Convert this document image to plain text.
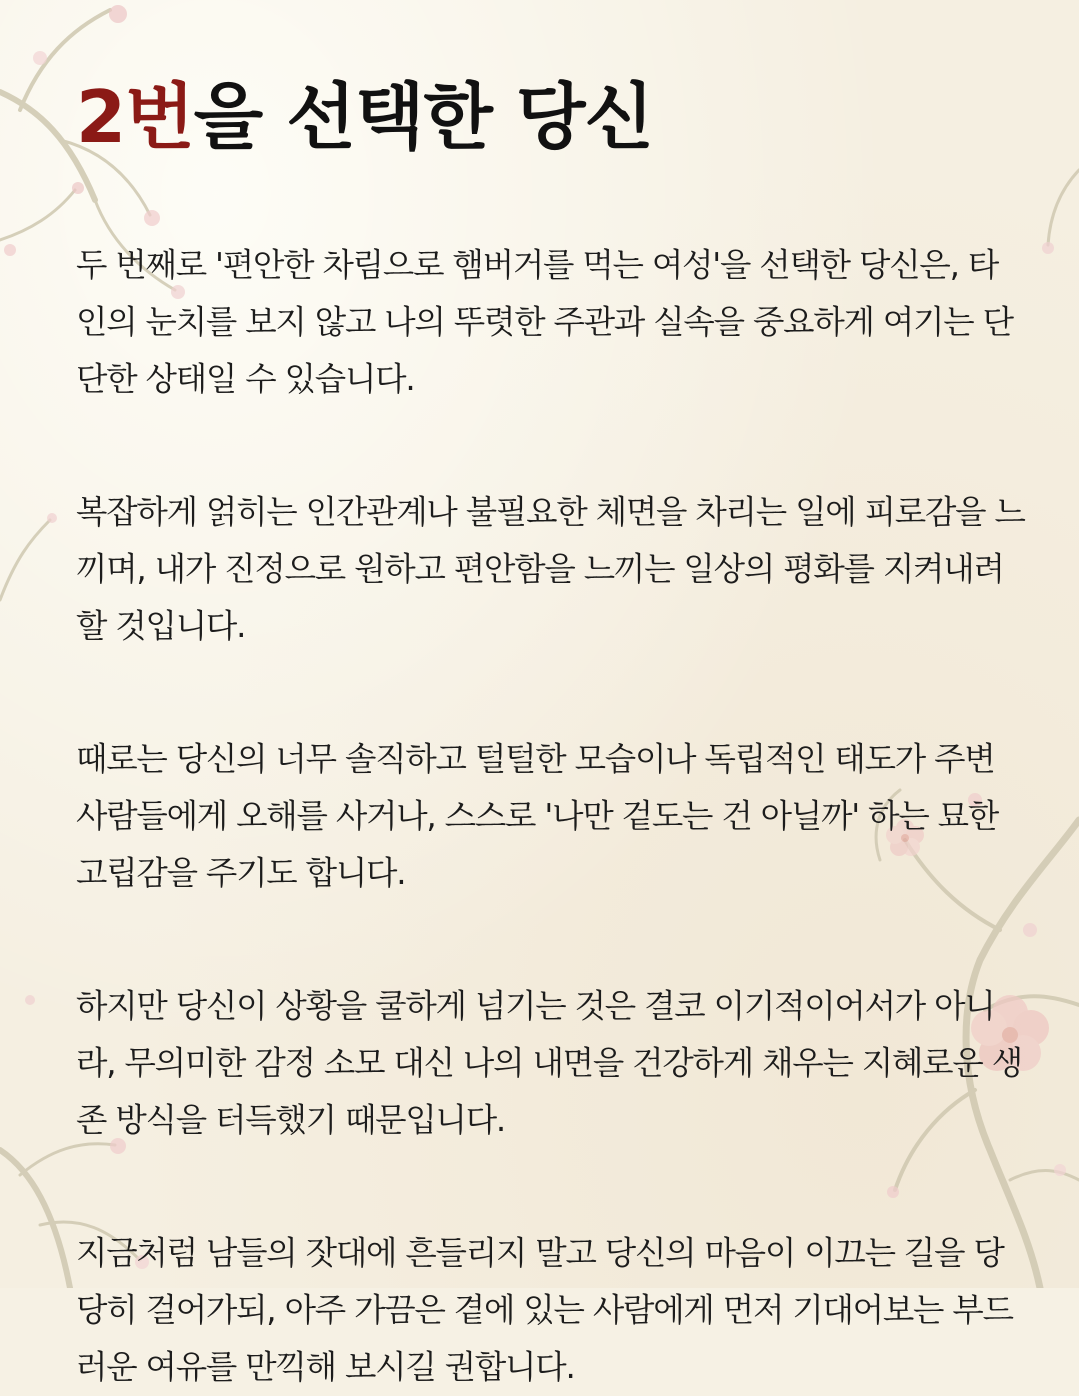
2번을 선택한 당신

두 번째로 '편안한 차림으로 햄버거를 먹는 여성'을 선택한 당신은, 타인의 눈치를 보지 않고 나의 뚜렷한 주관과 실속을 중요하게 여기는 단단한 상태일 수 있습니다.

복잡하게 얽히는 인간관계나 불필요한 체면을 차리는 일에 피로감을 느끼며, 내가 진정으로 원하고 편안함을 느끼는 일상의 평화를 지켜내려 할 것입니다.

때로는 당신의 너무 솔직하고 털털한 모습이나 독립적인 태도가 주변 사람들에게 오해를 사거나, 스스로 '나만 겉도는 건 아닐까' 하는 묘한 고립감을 주기도 합니다.

하지만 당신이 상황을 쿨하게 넘기는 것은 결코 이기적이어서가 아니라, 무의미한 감정 소모 대신 나의 내면을 건강하게 채우는 지혜로운 생존 방식을 터득했기 때문입니다.

지금처럼 남들의 잣대에 흔들리지 말고 당신의 마음이 이끄는 길을 당당히 걸어가되, 아주 가끔은 곁에 있는 사람에게 먼저 기대어보는 부드러운 여유를 만끽해 보시길 권합니다.
